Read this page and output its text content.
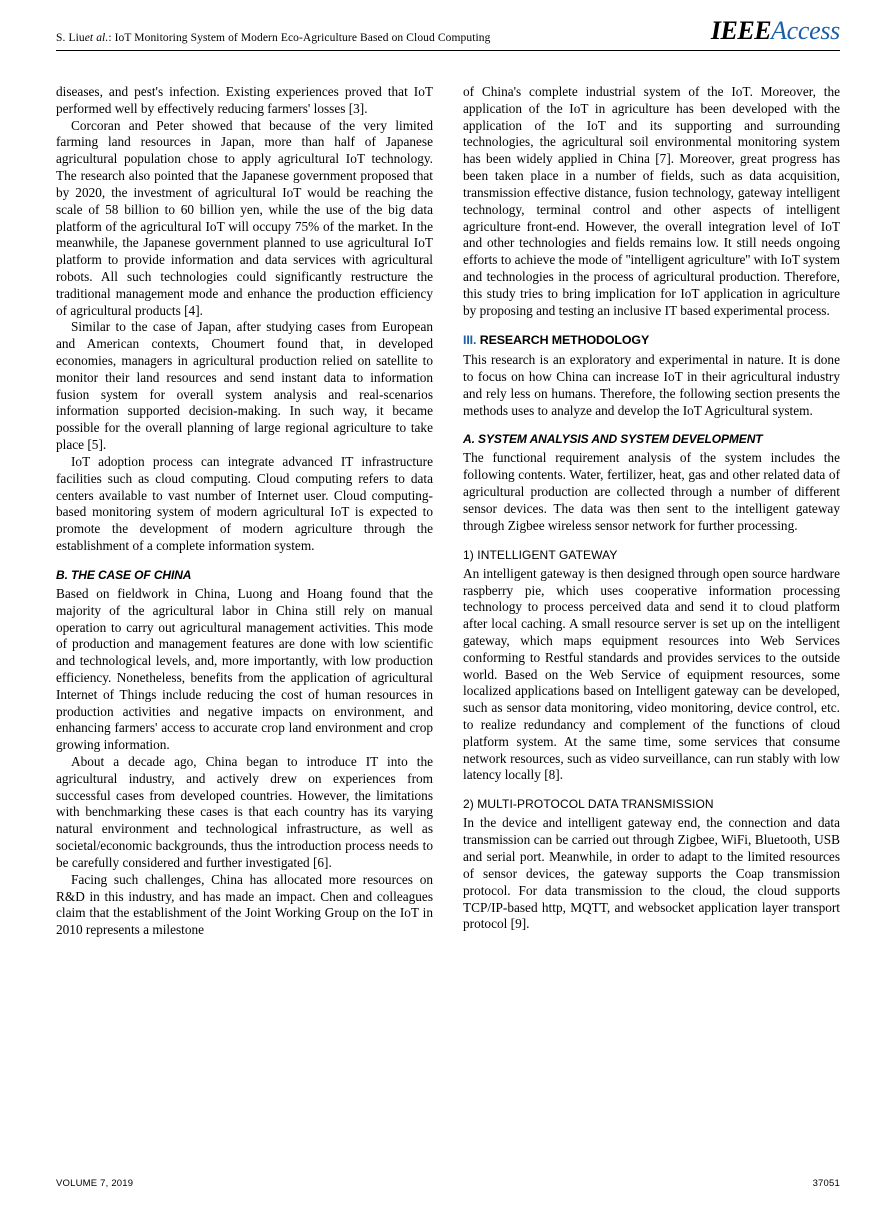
S. Liuet al.: IoT Monitoring System of Modern Eco-Agriculture Based on Cloud Computing	IEEEAccess

diseases, and pest's infection. Existing experiences proved that IoT performed well by effectively reducing farmers' losses [3].

Corcoran and Peter showed that because of the very limited farming land resources in Japan, more than half of Japanese agricultural population chose to apply agricultural IoT technology. The research also pointed that the Japanese government proposed that by 2020, the investment of agricultural IoT would be reaching the scale of 58 billion to 60 billion yen, while the use of the big data platform of the agricultural IoT will occupy 75% of the market. In the meanwhile, the Japanese government planned to use agricultural IoT platform to provide information and data services with agricultural robots. All such technologies could significantly restructure the traditional management mode and enhance the production efficiency of agricultural products [4].

Similar to the case of Japan, after studying cases from European and American contexts, Choumert found that, in developed economies, managers in agricultural production relied on satellite to monitor their land resources and send instant data to information fusion system for overall system analysis and real-scenarios information supported decision-making. In such way, it became possible for the overall planning of large regional agriculture to take place [5].

IoT adoption process can integrate advanced IT infrastructure facilities such as cloud computing. Cloud computing refers to data centers available to vast number of Internet user. Cloud computing-based monitoring system of modern agricultural IoT is expected to promote the development of modern agriculture through the establishment of a complete information system.

B. THE CASE OF CHINA

Based on fieldwork in China, Luong and Hoang found that the majority of the agricultural labor in China still rely on manual operation to carry out agricultural management activities. This mode of production and management features are done with low scientific and technological levels, and, more importantly, with low production efficiency. Nonetheless, benefits from the application of agricultural Internet of Things include reducing the cost of human resources in production activities and negative impacts on environment, and enhancing farmers' access to accurate crop land environment and crop growing information.

About a decade ago, China began to introduce IT into the agricultural industry, and actively drew on experiences from successful cases from developed countries. However, the limitations with benchmarking these cases is that each country has its varying natural environment and technological infrastructure, as well as societal/economic backgrounds, thus the introduction process needs to be carefully considered and further investigated [6].

Facing such challenges, China has allocated more resources on R&D in this industry, and has made an impact. Chen and colleagues claim that the establishment of the Joint Working Group on the IoT in 2010 represents a milestone

of China's complete industrial system of the IoT. Moreover, the application of the IoT in agriculture has been developed with the application of the IoT and its supporting and surrounding technologies, the agricultural soil environmental monitoring system has been widely applied in China [7]. Moreover, great progress has been taken place in a number of fields, such as data acquisition, transmission effective distance, fusion technology, gateway intelligent technology, terminal control and other aspects of intelligent agriculture front-end. However, the overall integration level of IoT and other technologies and fields remains low. It still needs ongoing efforts to achieve the mode of ''intelligent agriculture'' with IoT system and technologies in the process of agricultural production. Therefore, this study tries to bring implication for IoT application in agriculture by proposing and testing an inclusive IT based experimental process.

III. RESEARCH METHODOLOGY

This research is an exploratory and experimental in nature. It is done to focus on how China can increase IoT in their agricultural industry and rely less on humans. Therefore, the following section presents the methods uses to analyze and develop the IoT Agricultural system.

A. SYSTEM ANALYSIS AND SYSTEM DEVELOPMENT

The functional requirement analysis of the system includes the following contents. Water, fertilizer, heat, gas and other related data of agricultural production are collected through a number of different sensor devices. The data was then sent to the intelligent gateway through Zigbee wireless sensor network for further processing.

1) INTELLIGENT GATEWAY

An intelligent gateway is then designed through open source hardware raspberry pie, which uses cooperative information processing technology to process perceived data and send it to cloud platform after local caching. A small resource server is set up on the intelligent gateway, which maps equipment resources into Web Services conforming to Restful standards and provides services to the outside world. Based on the Web Service of equipment resources, some localized applications based on Intelligent gateway can be developed, such as sensor data monitoring, video monitoring, device control, etc. to realize redundancy and complement of the functions of cloud platform system. At the same time, some services that consume network resources, such as video surveillance, can run stably with low latency locally [8].

2) MULTI-PROTOCOL DATA TRANSMISSION

In the device and intelligent gateway end, the connection and data transmission can be carried out through Zigbee, WiFi, Bluetooth, USB and serial port. Meanwhile, in order to adapt to the limited resources of sensor devices, the gateway supports the Coap transmission protocol. For data transmission to the cloud, the cloud supports TCP/IP-based http, MQTT, and websocket application layer transport protocol [9].

VOLUME 7, 2019	37051
